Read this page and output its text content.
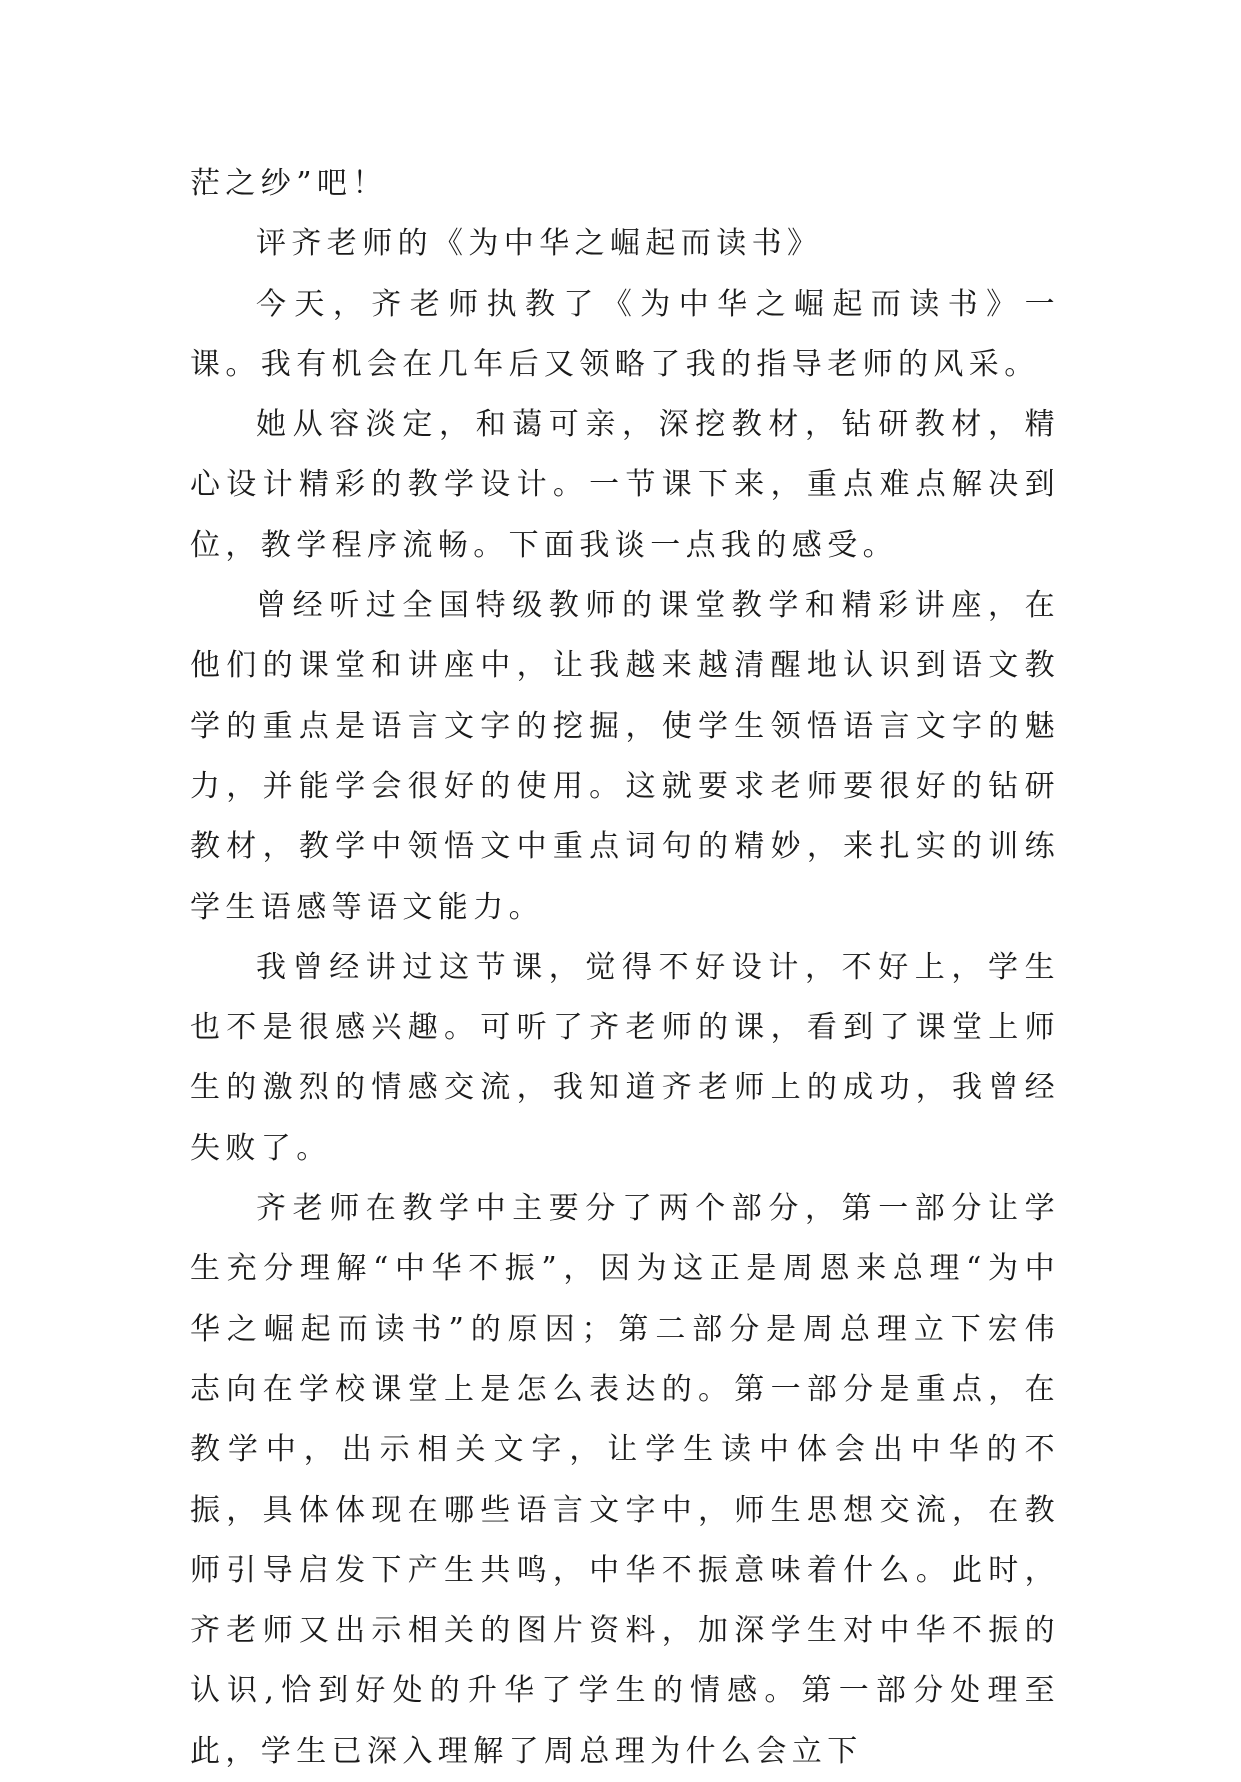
茫之纱”吧！

评齐老师的《为中华之崛起而读书》

今天，齐老师执教了《为中华之崛起而读书》一课。我有机会在几年后又领略了我的指导老师的风采。

她从容淡定，和蔼可亲，深挖教材，钻研教材，精心设计精彩的教学设计。一节课下来，重点难点解决到位，教学程序流畅。下面我谈一点我的感受。

曾经听过全国特级教师的课堂教学和精彩讲座，在他们的课堂和讲座中，让我越来越清醒地认识到语文教学的重点是语言文字的挖掘，使学生领悟语言文字的魅力，并能学会很好的使用。这就要求老师要很好的钻研教材，教学中领悟文中重点词句的精妙，来扎实的训练学生语感等语文能力。

我曾经讲过这节课，觉得不好设计，不好上，学生也不是很感兴趣。可听了齐老师的课，看到了课堂上师生的激烈的情感交流，我知道齐老师上的成功，我曾经失败了。

齐老师在教学中主要分了两个部分，第一部分让学生充分理解“中华不振”，因为这正是周恩来总理“为中华之崛起而读书”的原因；第二部分是周总理立下宏伟志向在学校课堂上是怎么表达的。第一部分是重点，在教学中，出示相关文字，让学生读中体会出中华的不振，具体体现在哪些语言文字中，师生思想交流，在教师引导启发下产生共鸣，中华不振意味着什么。此时，齐老师又出示相关的图片资料，加深学生对中华不振的认识,恰到好处的升华了学生的情感。第一部分处理至此，学生已深入理解了周总理为什么会立下
